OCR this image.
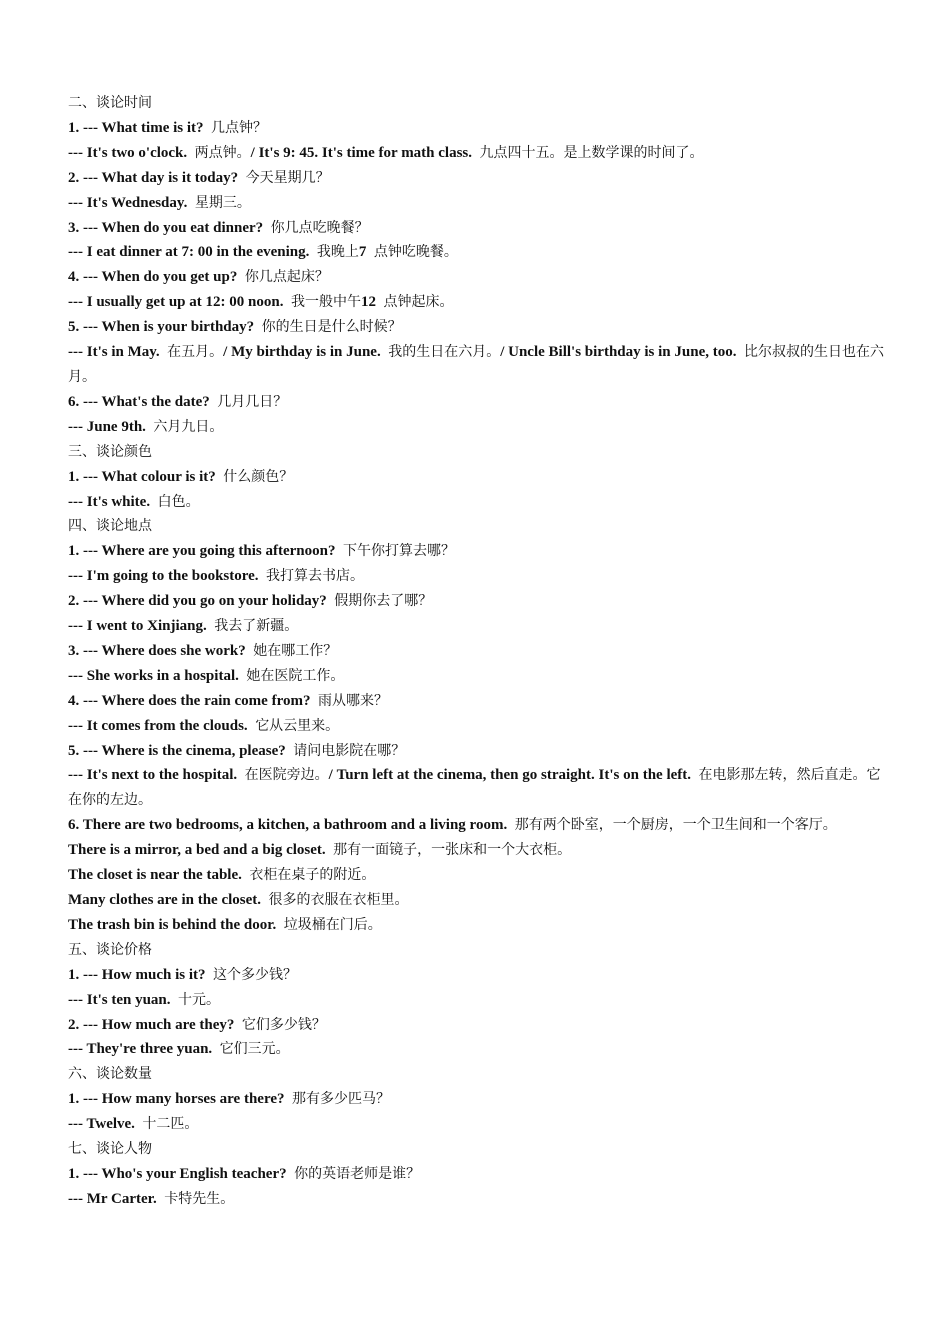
二、谈论时间

1. --- What time is it? 几点钟？

--- It's two o'clock. 两点钟。/ It's 9: 45. It's time for math class. 九点四十五。是上数学课的时间了。

2. --- What day is it today? 今天星期几？

--- It's Wednesday. 星期三。

3. --- When do you eat dinner? 你几点吃晚餐？

--- I eat dinner at 7: 00 in the evening. 我晚上7 点钟吃晚餐。

4. --- When do you get up? 你几点起床？

--- I usually get up at 12: 00 noon. 我一般中午12 点钟起床。

5. --- When is your birthday? 你的生日是什么时候？

--- It's in May. 在五月。/ My birthday is in June. 我的生日在六月。/ Uncle Bill's birthday is in June, too. 比尔叔叔的生日也在六月。

6. --- What's the date? 几月几日？

--- June 9th. 六月九日。

三、谈论颜色

1. --- What colour is it? 什么颜色？

--- It's white. 白色。

四、谈论地点

1. --- Where are you going this afternoon? 下午你打算去哪？

--- I'm going to the bookstore. 我打算去书店。

2. --- Where did you go on your holiday? 假期你去了哪？

--- I went to Xinjiang. 我去了新疆。

3. --- Where does she work? 她在哪工作？

--- She works in a hospital. 她在医院工作。

4. --- Where does the rain come from? 雨从哪来？

--- It comes from the clouds. 它从云里来。

5. --- Where is the cinema, please? 请问电影院在哪？

--- It's next to the hospital. 在医院旁边。/ Turn left at the cinema, then go straight. It's on the left. 在电影那左转，然后直走。它在你的左边。

6. There are two bedrooms, a kitchen, a bathroom and a living room. 那有两个卧室，一个厨房，一个卫生间和一个客厅。

There is a mirror, a bed and a big closet. 那有一面镜子，一张床和一个大衣柜。

The closet is near the table. 衣柜在桌子的附近。

Many clothes are in the closet. 很多的衣服在衣柜里。

The trash bin is behind the door. 垃圾桶在门后。

五、谈论价格

1. --- How much is it? 这个多少钱？

--- It's ten yuan. 十元。

2. --- How much are they? 它们多少钱？

--- They're three yuan. 它们三元。

六、谈论数量

1. --- How many horses are there? 那有多少匹马？

--- Twelve. 十二匹。

七、谈论人物

1. --- Who's your English teacher? 你的英语老师是谁？

--- Mr Carter. 卡特先生。
